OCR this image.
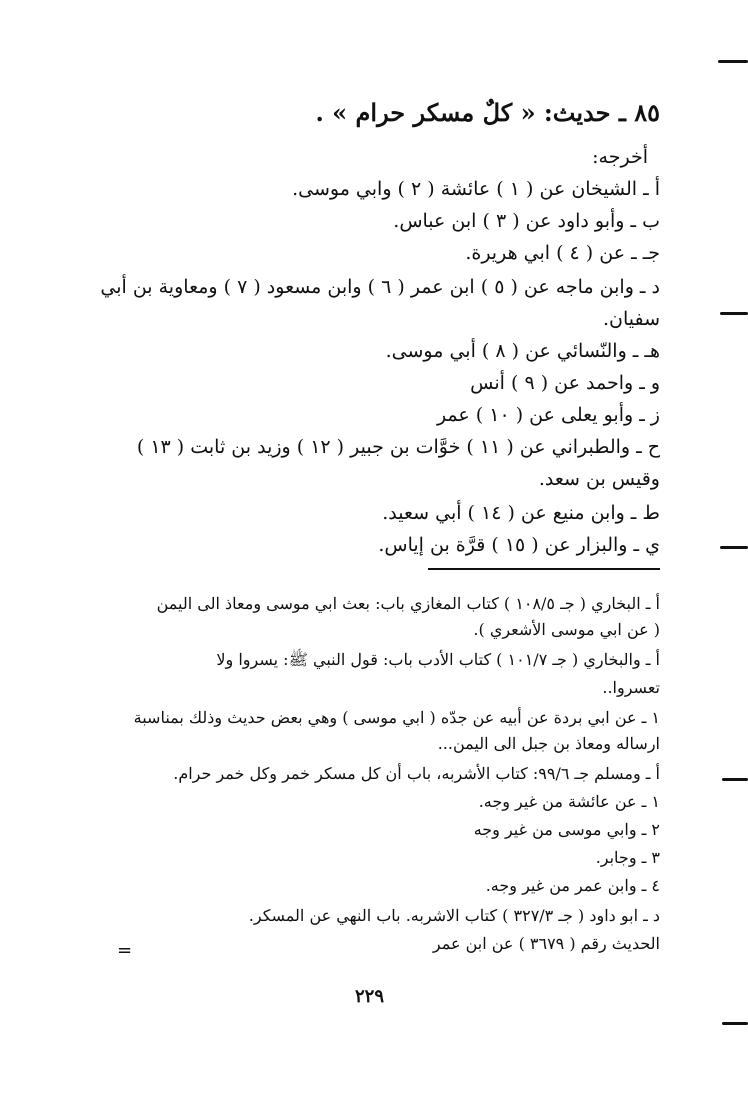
٨٥ ـ حديث: « كلٌ مسكر حرام » .
أخرجه:
أ ـ الشيخان عن ( ١ ) عائشة ( ٢ ) وابي موسى.
ب ـ وأبو داود عن ( ٣ ) ابن عباس.
جـ ـ عن ( ٤ ) ابي هريرة.
د ـ وابن ماجه عن ( ٥ ) ابن عمر ( ٦ ) وابن مسعود ( ٧ ) ومعاوية بن أبي
سفيان.
هـ ـ والنّسائي عن ( ٨ ) أبي موسى.
و ـ واحمد عن ( ٩ ) أنس
ز ـ وأبو يعلى عن ( ١٠ ) عمر
ح ـ والطبراني عن ( ١١ ) خوَّات بن جبير ( ١٢ ) وزيد بن ثابت ( ١٣ )
وقيس بن سعد.
ط ـ وابن منيع عن ( ١٤ ) أبي سعيد.
ي ـ والبزار عن ( ١٥ ) قرَّة بن إياس.
أ ـ البخاري ( جـ ١٠٨/٥ ) كتاب المغازي باب: بعث ابي موسى ومعاذ الى اليمن
( عن ابي موسى الأشعري ).
أ ـ والبخاري ( جـ ١٠١/٧ ) كتاب الأدب باب: قول النبي ﷺ: يسروا ولا
تعسروا..
١ ـ عن ابي بردة عن أبيه عن جدّه ( ابي موسى ) وهي بعض حديث وذلك بمناسبة
ارساله ومعاذ بن جبل الى اليمن...
أ ـ ومسلم جـ ٩٩/٦: كتاب الأشربه، باب أن كل مسكر خمر وكل خمر حرام.
١ ـ عن عائشة من غير وجه.
٢ ـ وابي موسى من غير وجه
٣ ـ وجابر.
٤ ـ وابن عمر من غير وجه.
د ـ ابو داود ( جـ ٣٢٧/٣ ) كتاب الاشربه. باب النهي عن المسكر.
الحديث رقم ( ٣٦٧٩ ) عن ابن عمر
=
٢٢٩
